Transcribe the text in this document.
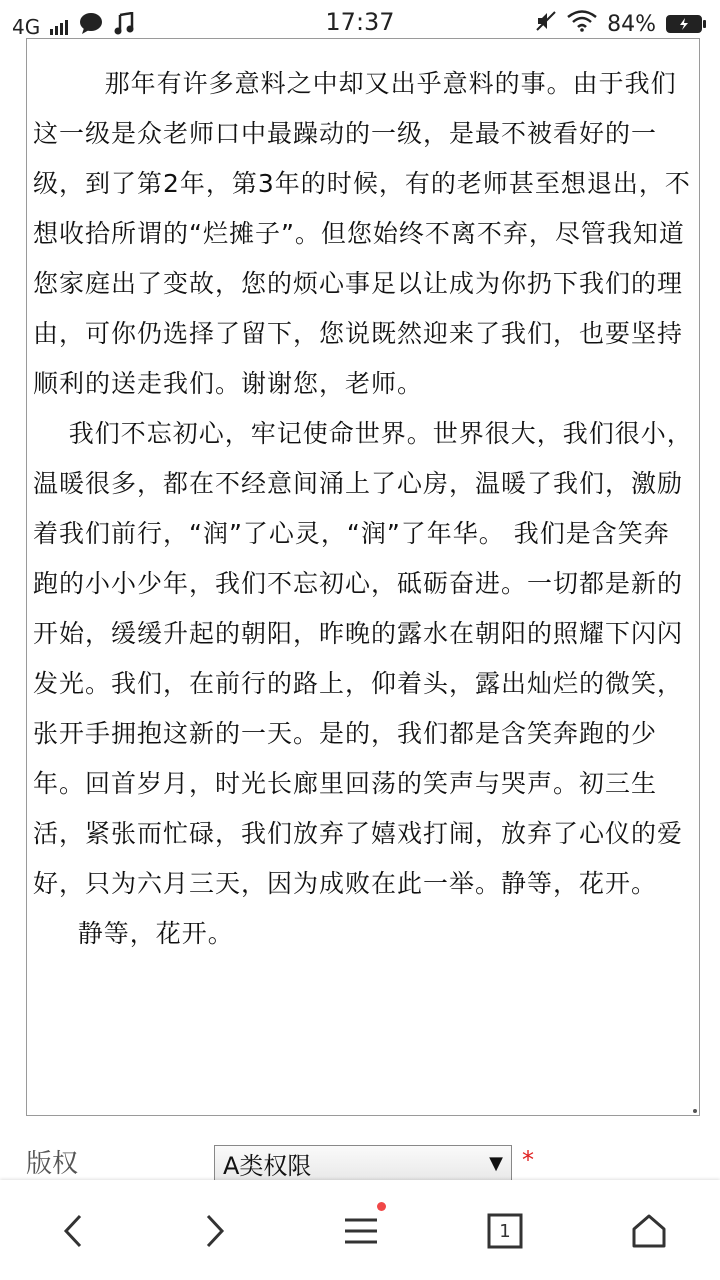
4G	17:37	84%

那年有许多意料之中却又出乎意料的事。由于我们这一级是众老师口中最躁动的一级，是最不被看好的一级，到了第2年，第3年的时候，有的老师甚至想退出，不想收拾所谓的“烂摊子”。但您始终不离不弃，尽管我知道您家庭出了变故，您的烦心事足以让成为你扔下我们的理由，可你仍选择了留下，您说既然迎来了我们，也要坚持顺利的送走我们。谢谢您，老师。

我们不忘初心，牢记使命世界。世界很大，我们很小，温暖很多，都在不经意间涌上了心房，温暖了我们，激励着我们前行，“润”了心灵，“润”了年华。 我们是含笑奔跑的小小少年，我们不忘初心，砥砺奋进。一切都是新的开始，缓缓升起的朝阳，昨晚的露水在朝阳的照耀下闪闪发光。我们，在前行的路上，仰着头，露出灿烂的微笑，张开手拥抱这新的一天。是的，我们都是含笑奔跑的少年。回首岁月，时光长廊里回荡的笑声与哭声。初三生活，紧张而忙碌，我们放弃了嬉戏打闹，放弃了心仪的爱好，只为六月三天，因为成败在此一举。静等，花开。

静等，花开。

版权	A类权限	▼ *
1
